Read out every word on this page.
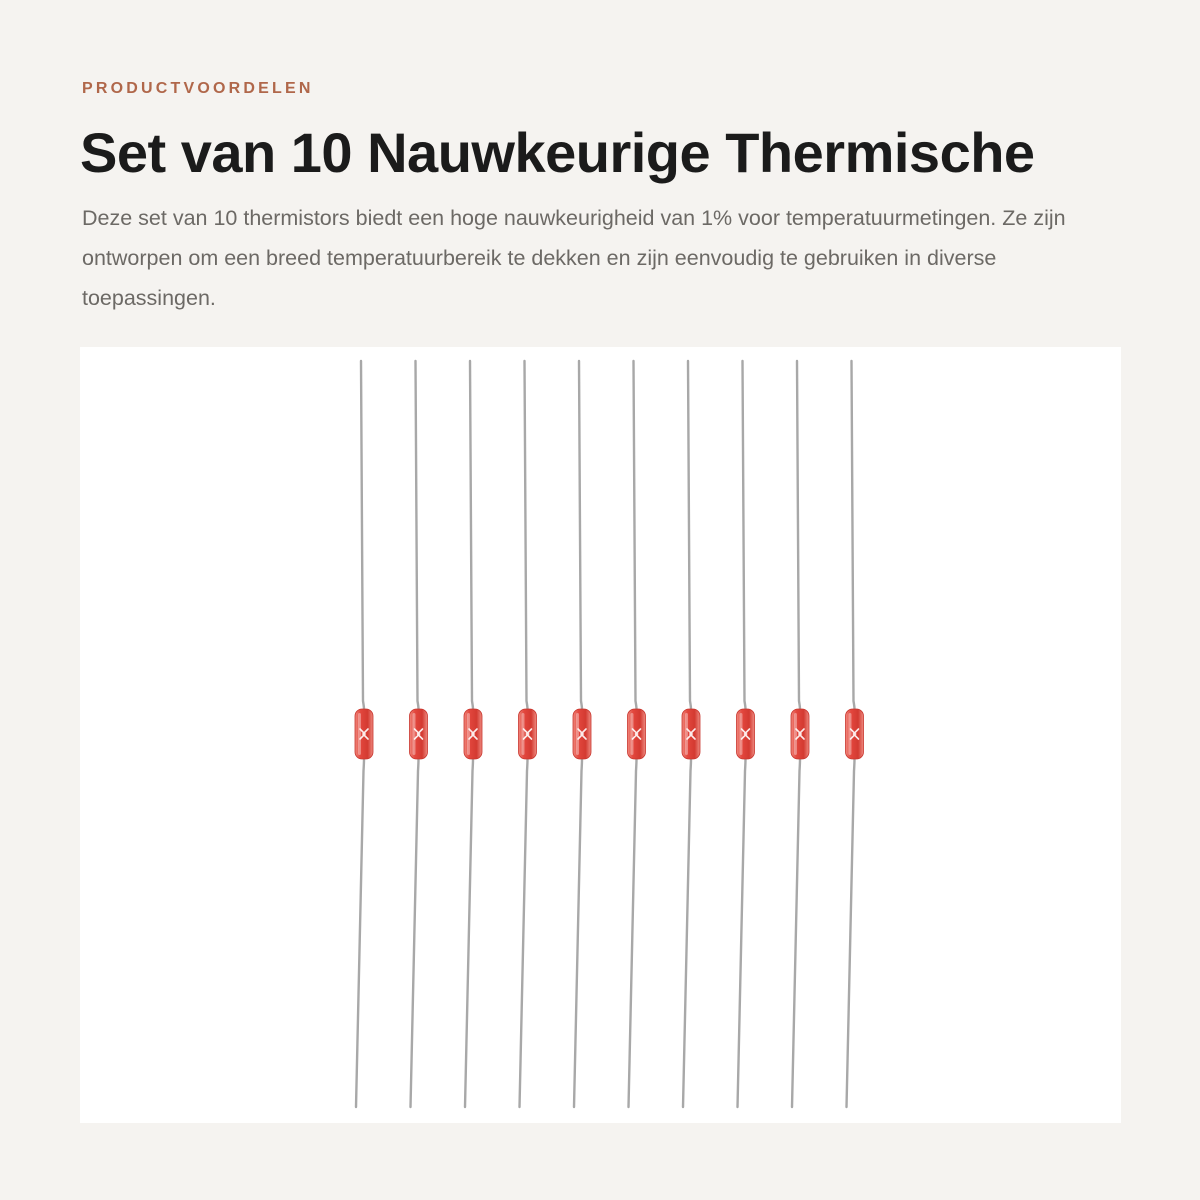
PRODUCTVOORDELEN
Set van 10 Nauwkeurige Thermische

Deze set van 10 thermistors biedt een hoge nauwkeurigheid van 1% voor temperatuurmetingen. Ze zijn ontworpen om een breed temperatuurbereik te dekken en zijn eenvoudig te gebruiken in diverse toepassingen.
